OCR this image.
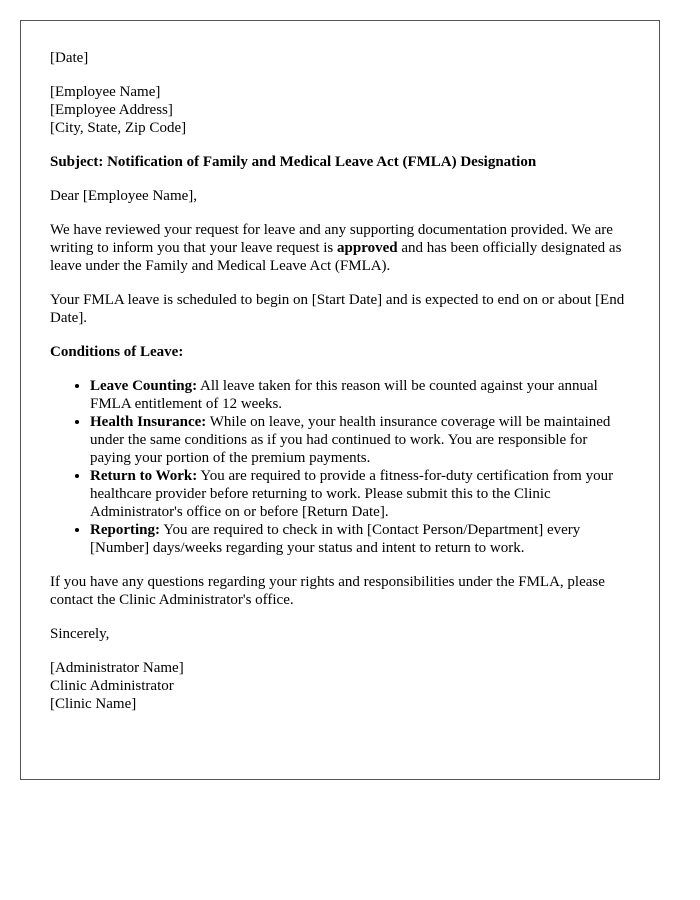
[Date]
[Employee Name]
[Employee Address]
[City, State, Zip Code]
Subject: Notification of Family and Medical Leave Act (FMLA) Designation
Dear [Employee Name],

We have reviewed your request for leave and any supporting documentation provided. We are writing to inform you that your leave request is approved and has been officially designated as leave under the Family and Medical Leave Act (FMLA).

Your FMLA leave is scheduled to begin on [Start Date] and is expected to end on or about [End Date].

Conditions of Leave:
• Leave Counting: All leave taken for this reason will be counted against your annual FMLA entitlement of 12 weeks.
• Health Insurance: While on leave, your health insurance coverage will be maintained under the same conditions as if you had continued to work. You are responsible for paying your portion of the premium payments.
• Return to Work: You are required to provide a fitness-for-duty certification from your healthcare provider before returning to work. Please submit this to the Clinic Administrator's office on or before [Return Date].
• Reporting: You are required to check in with [Contact Person/Department] every [Number] days/weeks regarding your status and intent to return to work.

If you have any questions regarding your rights and responsibilities under the FMLA, please contact the Clinic Administrator's office.

Sincerely,
[Administrator Name]
Clinic Administrator
[Clinic Name]
